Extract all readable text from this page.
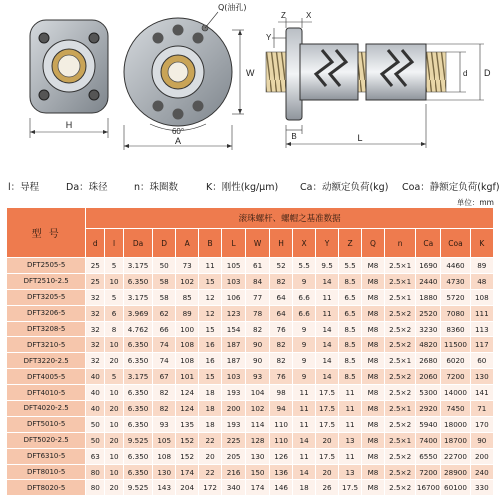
H
Q(油孔)
60°
A
W
Z	X
Y
B	L
d D
l：导程	Da：珠径	n：珠圈数	K：刚性(kg/μm) Ca：动额定负荷(kg) Coa：静额定负荷(kgf)
单位：mm
型 号	滚珠螺杆、螺帽之基准数据																
	d	l	Da	D	A	B	L	W	H	X	Y	Z	Q	n	Ca	Coa	K
DFT2505-5	25	5	3.175	50	73	11	105	61	52	5.5	9.5	5.5	M8	2.5×1	1690	4460	89
DFT2510-2.5	25	10	6.350	58	102	15	103	84	82	9	14	8.5	M8	2.5×1	2440	4730	48
DFT3205-5	32	5	3.175	58	85	12	106	77	64	6.6	11	6.5	M8	2.5×1	1880	5720	108
DFT3206-5	32	6	3.969	62	89	12	123	78	64	6.6	11	6.5	M8	2.5×2	2520	7080	111
DFT3208-5	32	8	4.762	66	100	15	154	82	76	9	14	8.5	M8	2.5×2	3230	8360	113
DFT3210-5	32	10	6.350	74	108	16	187	90	82	9	14	8.5	M8	2.5×2	4820	11500	117
DFT3220-2.5	32	20	6.350	74	108	16	187	90	82	9	14	8.5	M8	2.5×1	2680	6020	60
DFT4005-5	40	5	3.175	67	101	15	103	93	76	9	14	8.5	M8	2.5×2	2060	7200	130
DFT4010-5	40	10	6.350	82	124	18	193	104	98	11	17.5	11	M8	2.5×2	5300	14000	141
DFT4020-2.5	40	20	6.350	82	124	18	200	102	94	11	17.5	11	M8	2.5×1	2920	7450	71
DFT5010-5	50	10	6.350	93	135	18	193	114	110	11	17.5	11	M8	2.5×2	5940	18000	170
DFT5020-2.5	50	20	9.525	105	152	22	225	128	110	14	20	13	M8	2.5×1	7400	18700	90
DFT6310-5	63	10	6.350	108	152	20	205	130	126	11	17.5	11	M8	2.5×2	6550	22700	200
DFT8010-5	80	10	6.350	130	174	22	216	150	136	14	20	13	M8	2.5×2	7200	28900	240
DFT8020-5	80	20	9.525	143	204	172	340	174	146	18	26	17.5	M8	2.5×2	16700	60100	330
